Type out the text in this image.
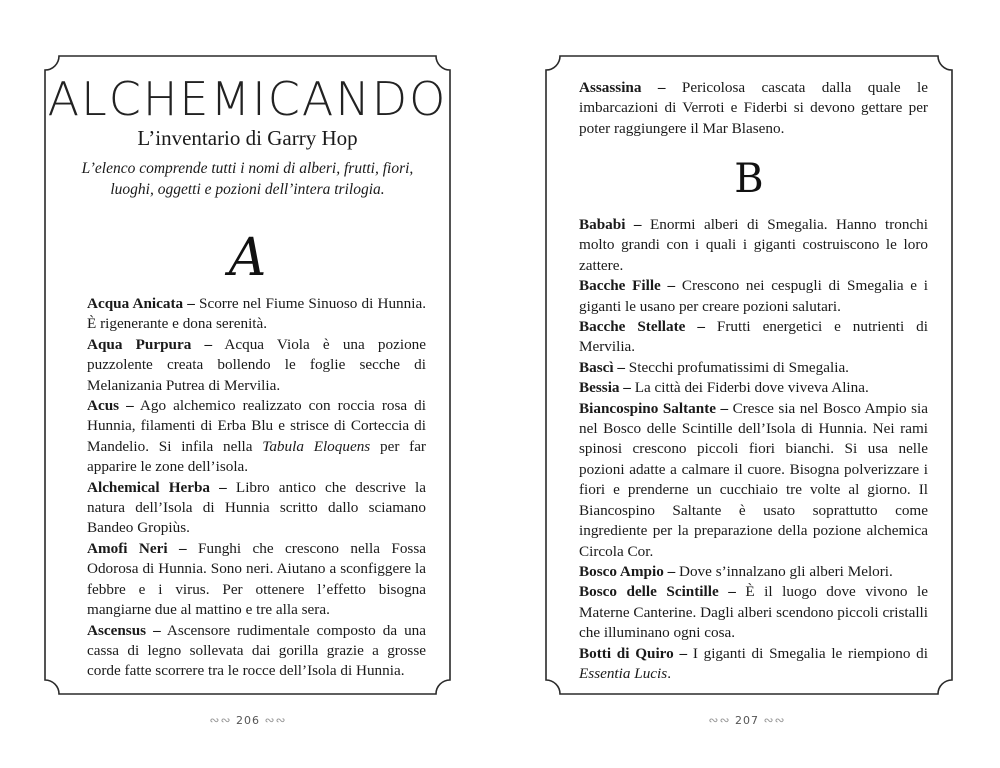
ALCHEMICANDO
L’inventario di Garry Hop
L’elenco comprende tutti i nomi di alberi, frutti, fiori, luoghi, oggetti e pozioni dell’intera trilogia.
A

Acqua Anicata – Scorre nel Fiume Sinuoso di Hunnia. È rigenerante e dona serenità.

Aqua Purpura – Acqua Viola è una pozione puzzolente creata bollendo le foglie secche di Melanizania Putrea di Mervilia.

Acus – Ago alchemico realizzato con roccia rosa di Hunnia, filamenti di Erba Blu e strisce di Corteccia di Mandelio. Si infila nella Tabula Eloquens per far apparire le zone dell’isola.

Alchemical Herba – Libro antico che descrive la natura dell’Isola di Hunnia scritto dallo sciamano Bandeo Gropiùs.

Amofi Neri – Funghi che crescono nella Fossa Odorosa di Hunnia. Sono neri. Aiutano a sconfiggere la febbre e i virus. Per ottenere l’effetto bisogna mangiarne due al mattino e tre alla sera.

Ascensus – Ascensore rudimentale composto da una cassa di legno sollevata dai gorilla grazie a grosse corde fatte scorrere tra le rocce dell’Isola di Hunnia.

∾∾ 206 ∾∾

Assassina – Pericolosa cascata dalla quale le imbarcazioni di Verroti e Fiderbi si devono gettare per poter raggiungere il Mar Blaseno.

B

Bababi – Enormi alberi di Smegalia. Hanno tronchi molto grandi con i quali i giganti costruiscono le loro zattere.

Bacche Fille – Crescono nei cespugli di Smegalia e i giganti le usano per creare pozioni salutari.

Bacche Stellate – Frutti energetici e nutrienti di Mervilia.

Bascì – Stecchi profumatissimi di Smegalia.

Bessia – La città dei Fiderbi dove viveva Alina.

Biancospino Saltante – Cresce sia nel Bosco Ampio sia nel Bosco delle Scintille dell’Isola di Hunnia. Nei rami spinosi crescono piccoli fiori bianchi. Si usa nelle pozioni adatte a calmare il cuore. Bisogna polverizzare i fiori e prenderne un cucchiaio tre volte al giorno. Il Biancospino Saltante è usato soprattutto come ingrediente per la preparazione della pozione alchemica Circola Cor.

Bosco Ampio – Dove s’innalzano gli alberi Melori.

Bosco delle Scintille – È il luogo dove vivono le Materne Canterine. Dagli alberi scendono piccoli cristalli che illuminano ogni cosa.

Botti di Quiro – I giganti di Smegalia le riempiono di Essentia Lucis.

∾∾ 207 ∾∾
